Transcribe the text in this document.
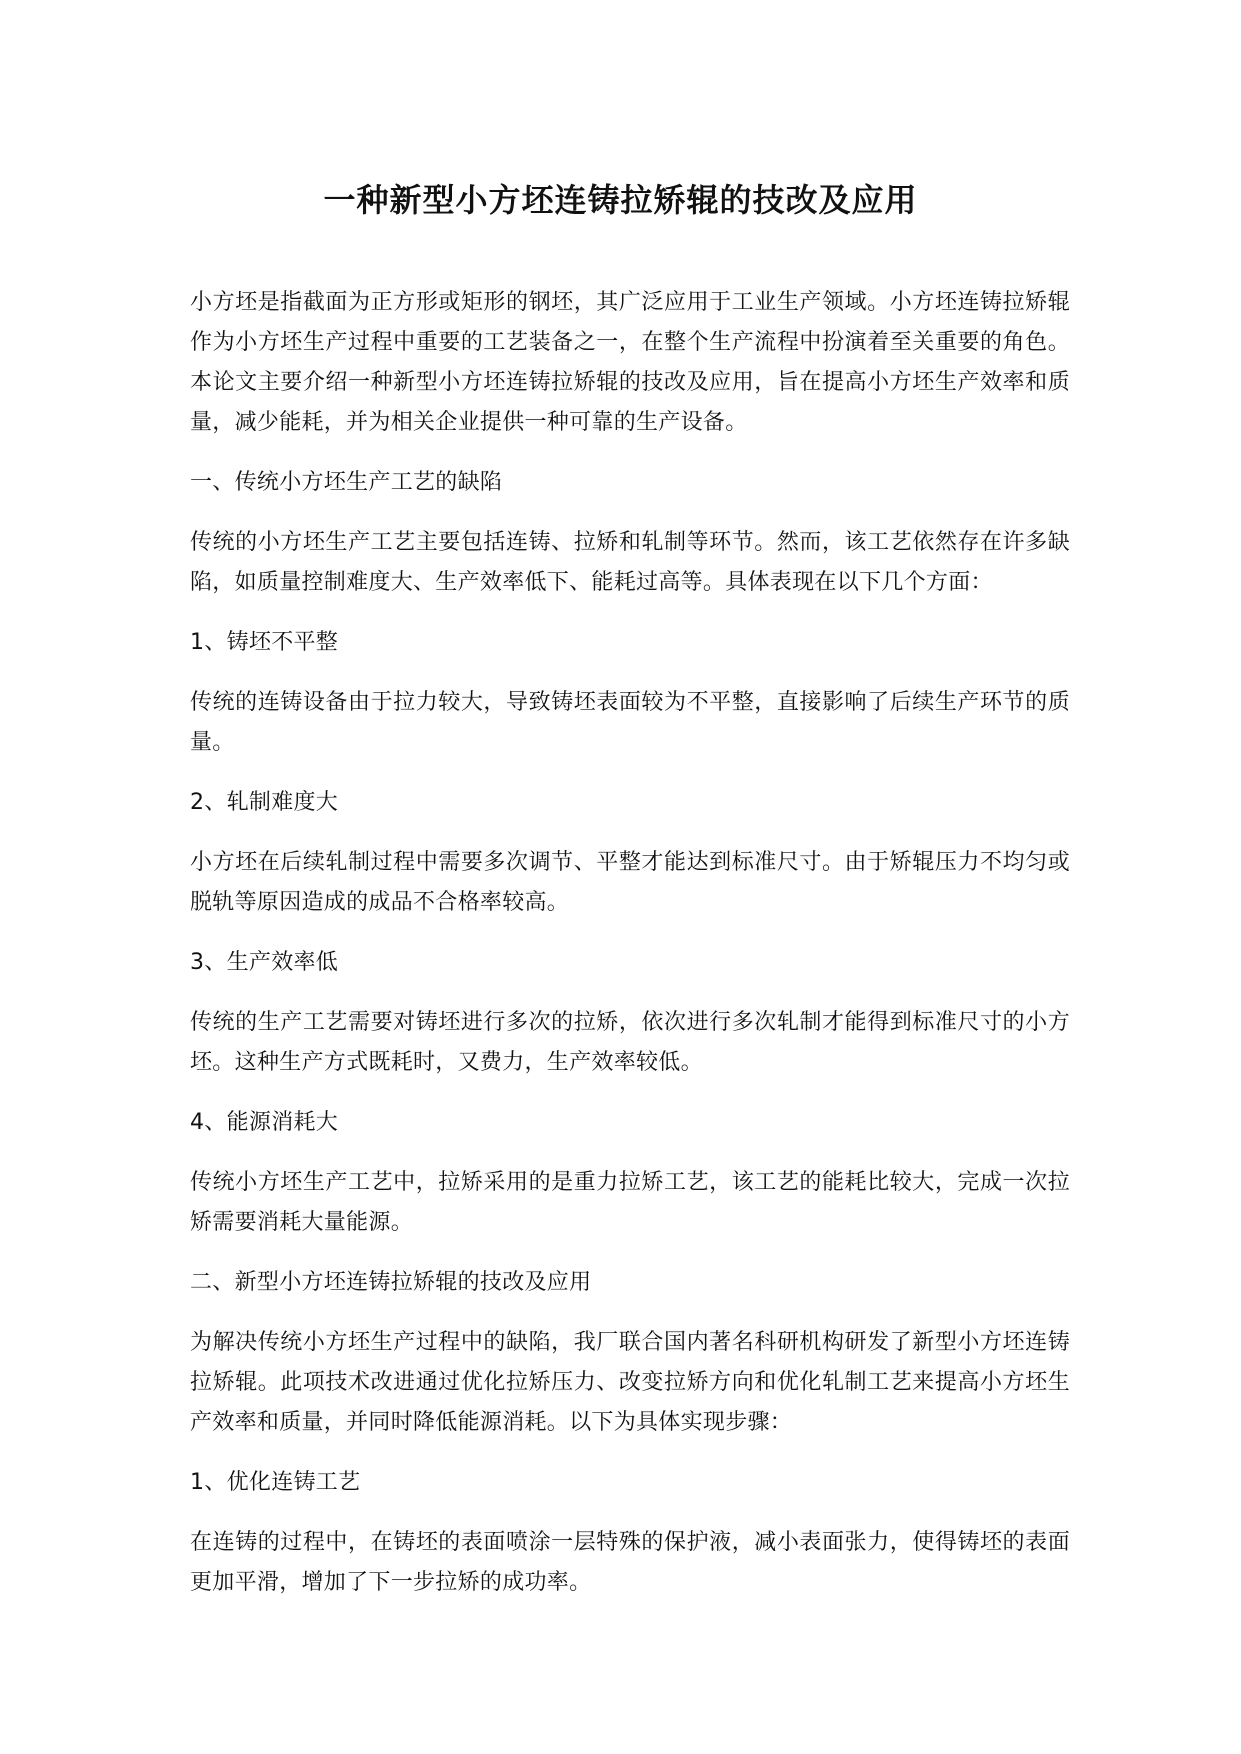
一种新型小方坯连铸拉矫辊的技改及应用

小方坯是指截面为正方形或矩形的钢坯，其广泛应用于工业生产领域。小方坯连铸拉矫辊作为小方坯生产过程中重要的工艺装备之一，在整个生产流程中扮演着至关重要的角色。本论文主要介绍一种新型小方坯连铸拉矫辊的技改及应用，旨在提高小方坯生产效率和质量，减少能耗，并为相关企业提供一种可靠的生产设备。

一、传统小方坯生产工艺的缺陷

传统的小方坯生产工艺主要包括连铸、拉矫和轧制等环节。然而，该工艺依然存在许多缺陷，如质量控制难度大、生产效率低下、能耗过高等。具体表现在以下几个方面：

1、铸坯不平整

传统的连铸设备由于拉力较大，导致铸坯表面较为不平整，直接影响了后续生产环节的质量。

2、轧制难度大

小方坯在后续轧制过程中需要多次调节、平整才能达到标准尺寸。由于矫辊压力不均匀或脱轨等原因造成的成品不合格率较高。

3、生产效率低

传统的生产工艺需要对铸坯进行多次的拉矫，依次进行多次轧制才能得到标准尺寸的小方坯。这种生产方式既耗时，又费力，生产效率较低。

4、能源消耗大

传统小方坯生产工艺中，拉矫采用的是重力拉矫工艺，该工艺的能耗比较大，完成一次拉矫需要消耗大量能源。

二、新型小方坯连铸拉矫辊的技改及应用

为解决传统小方坯生产过程中的缺陷，我厂联合国内著名科研机构研发了新型小方坯连铸拉矫辊。此项技术改进通过优化拉矫压力、改变拉矫方向和优化轧制工艺来提高小方坯生产效率和质量，并同时降低能源消耗。以下为具体实现步骤：

1、优化连铸工艺

在连铸的过程中，在铸坯的表面喷涂一层特殊的保护液，减小表面张力，使得铸坯的表面更加平滑，增加了下一步拉矫的成功率。
